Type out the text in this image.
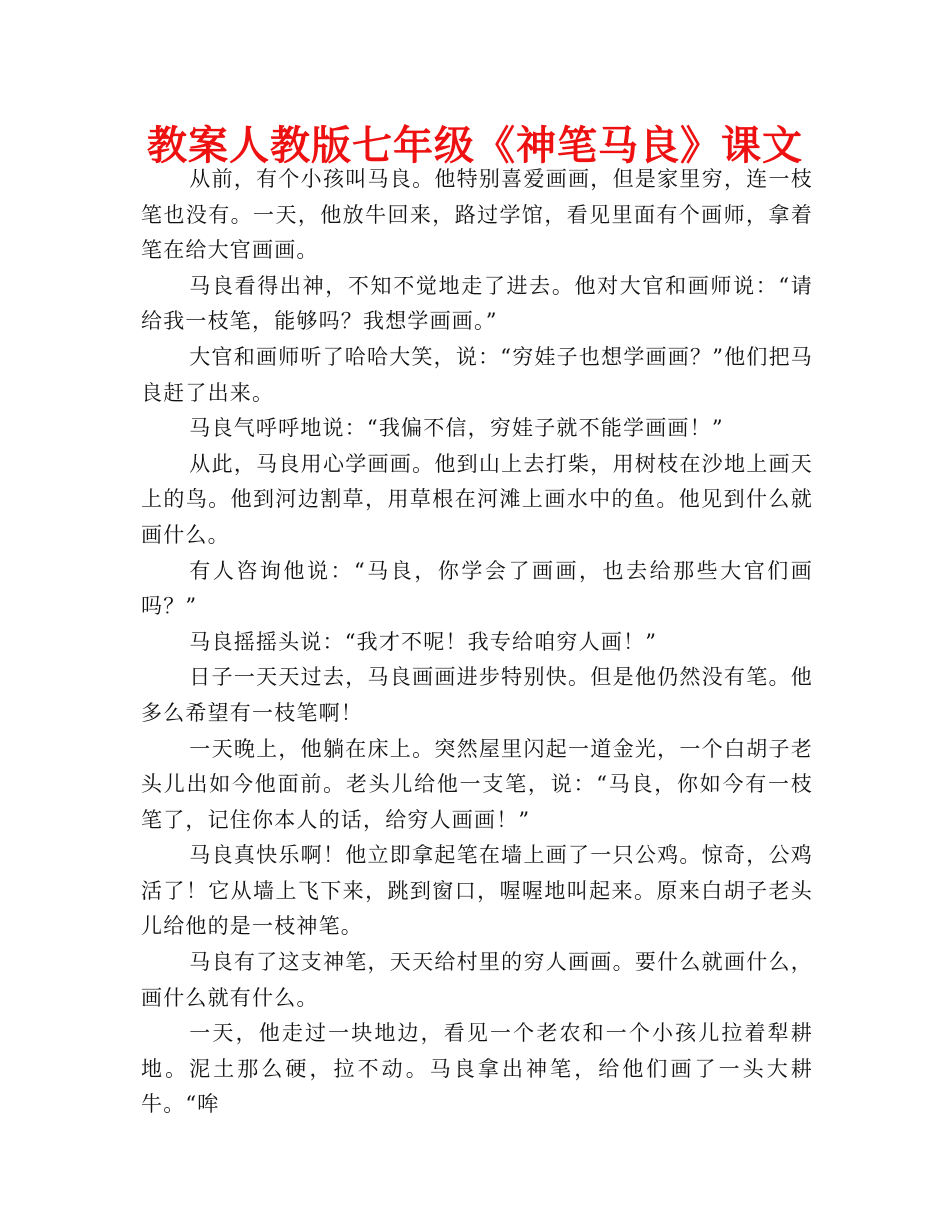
教案人教版七年级《神笔马良》课文

从前，有个小孩叫马良。他特别喜爱画画，但是家里穷，连一枝笔也没有。一天，他放牛回来，路过学馆，看见里面有个画师，拿着笔在给大官画画。

马良看得出神，不知不觉地走了进去。他对大官和画师说：“请给我一枝笔，能够吗？我想学画画。”

大官和画师听了哈哈大笑，说：“穷娃子也想学画画？”他们把马良赶了出来。

马良气呼呼地说：“我偏不信，穷娃子就不能学画画！”

从此，马良用心学画画。他到山上去打柴，用树枝在沙地上画天上的鸟。他到河边割草，用草根在河滩上画水中的鱼。他见到什么就画什么。

有人咨询他说：“马良，你学会了画画，也去给那些大官们画吗？”

马良摇摇头说：“我才不呢！我专给咱穷人画！”

日子一天天过去，马良画画进步特别快。但是他仍然没有笔。他多么希望有一枝笔啊！

一天晚上，他躺在床上。突然屋里闪起一道金光，一个白胡子老头儿出如今他面前。老头儿给他一支笔，说：“马良，你如今有一枝笔了，记住你本人的话，给穷人画画！”

马良真快乐啊！他立即拿起笔在墙上画了一只公鸡。惊奇，公鸡活了！它从墙上飞下来，跳到窗口，喔喔地叫起来。原来白胡子老头儿给他的是一枝神笔。

马良有了这支神笔，天天给村里的穷人画画。要什么就画什么，画什么就有什么。

一天，他走过一块地边，看见一个老农和一个小孩儿拉着犁耕地。泥土那么硬，拉不动。马良拿出神笔，给他们画了一头大耕牛。“哞
